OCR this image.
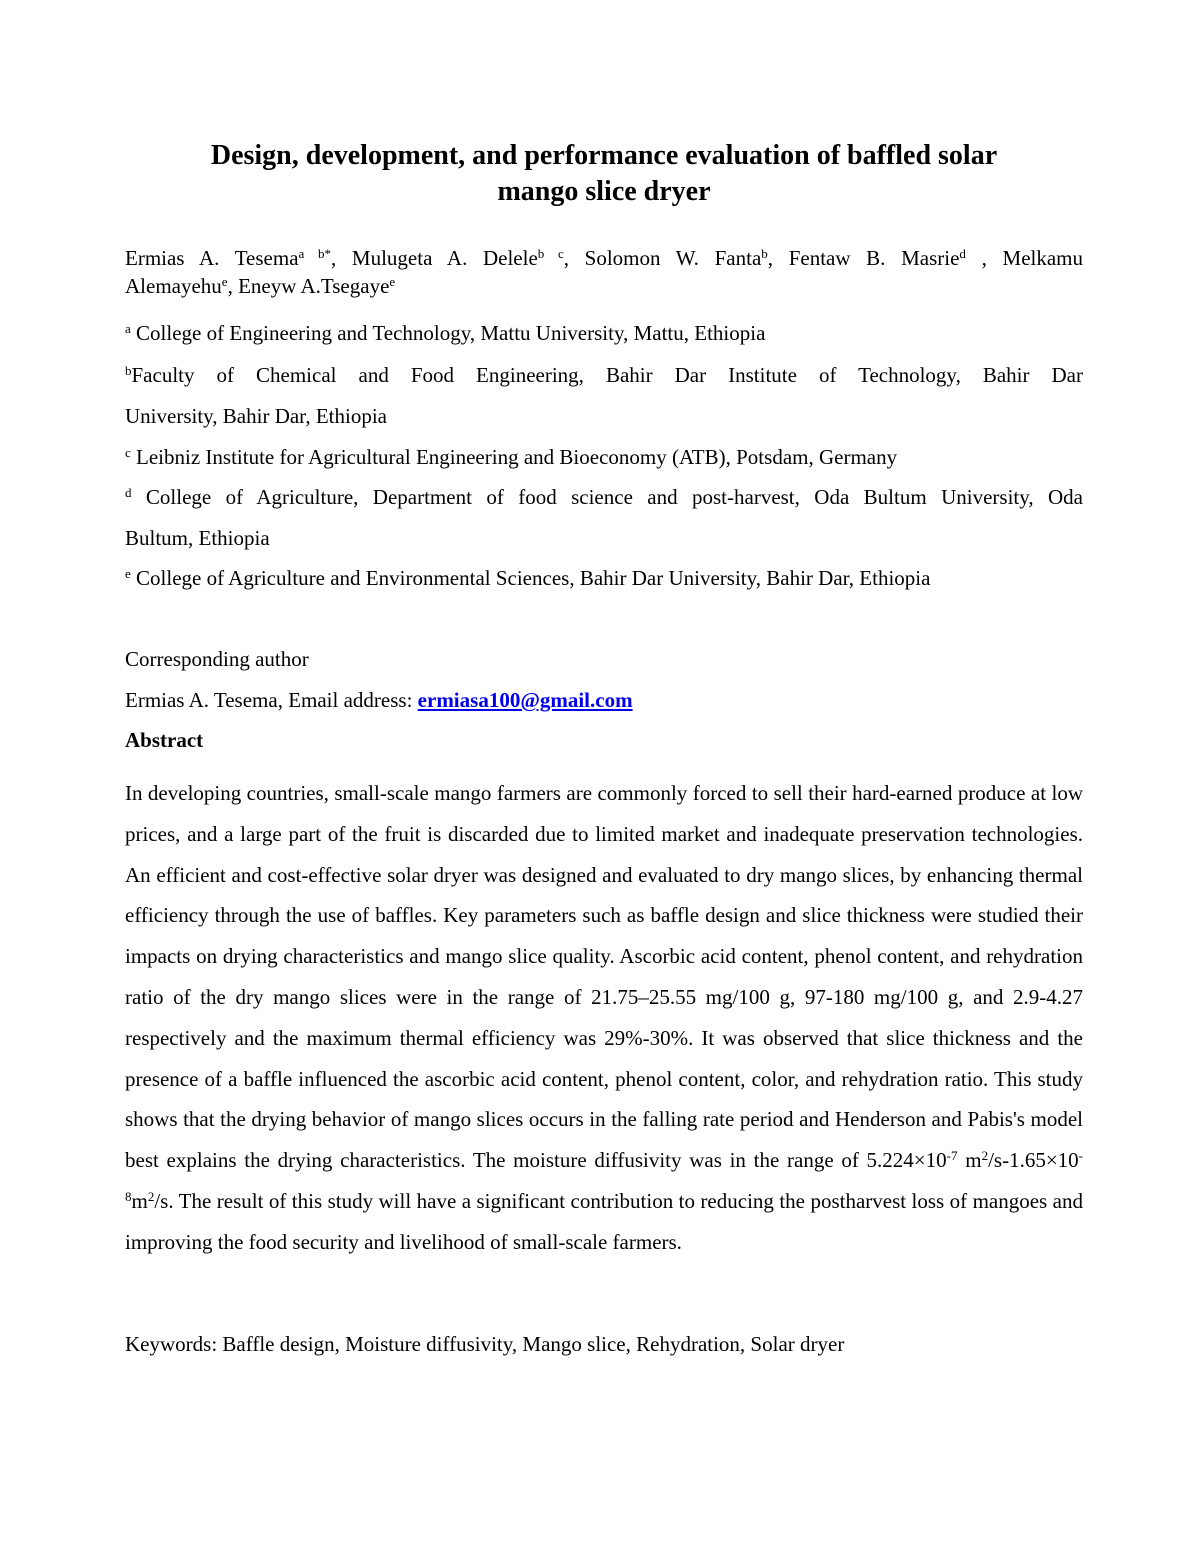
Design, development, and performance evaluation of baffled solar
mango slice dryer
Ermias A. Tesema$^{a b*}$, Mulugeta A. Delele$^{b c}$, Solomon W. Fanta$^b$, Fentaw B. Masrie$^d$ , Melkamu
Alemayehu$^e$, Eneyw A.Tsegaye$^e$
$^a$ College of Engineering and Technology, Mattu University, Mattu, Ethiopia
$^b$Faculty of Chemical and Food Engineering, Bahir Dar Institute of Technology, Bahir Dar
University, Bahir Dar, Ethiopia
$^c$ Leibniz Institute for Agricultural Engineering and Bioeconomy (ATB), Potsdam, Germany
$^d$ College of Agriculture, Department of food science and post-harvest, Oda Bultum University, Oda
Bultum, Ethiopia
$^e$ College of Agriculture and Environmental Sciences, Bahir Dar University, Bahir Dar, Ethiopia
Corresponding author
Ermias A. Tesema, Email address: ermiasa100@gmail.com
Abstract

In developing countries, small-scale mango farmers are commonly forced to sell their hard-earned produce at low prices, and a large part of the fruit is discarded due to limited market and inadequate preservation technologies. An efficient and cost-effective solar dryer was designed and evaluated to dry mango slices, by enhancing thermal efficiency through the use of baffles. Key parameters such as baffle design and slice thickness were studied their impacts on drying characteristics and mango slice quality. Ascorbic acid content, phenol content, and rehydration ratio of the dry mango slices were in the range of 21.75–25.55 mg/100 g, 97-180 mg/100 g, and 2.9-4.27 respectively and the maximum thermal efficiency was 29%-30%. It was observed that slice thickness and the presence of a baffle influenced the ascorbic acid content, phenol content, color, and rehydration ratio. This study shows that the drying behavior of mango slices occurs in the falling rate period and Henderson and Pabis's model best explains the drying characteristics. The moisture diffusivity was in the range of $5.224\times 10^{-7}$ $m^2/s-1.65\times 10^{-8}m^2/s$. The result of this study will have a significant contribution to reducing the postharvest loss of mangoes and improving the food security and livelihood of small-scale farmers.

Keywords: Baffle design, Moisture diffusivity, Mango slice, Rehydration, Solar dryer
